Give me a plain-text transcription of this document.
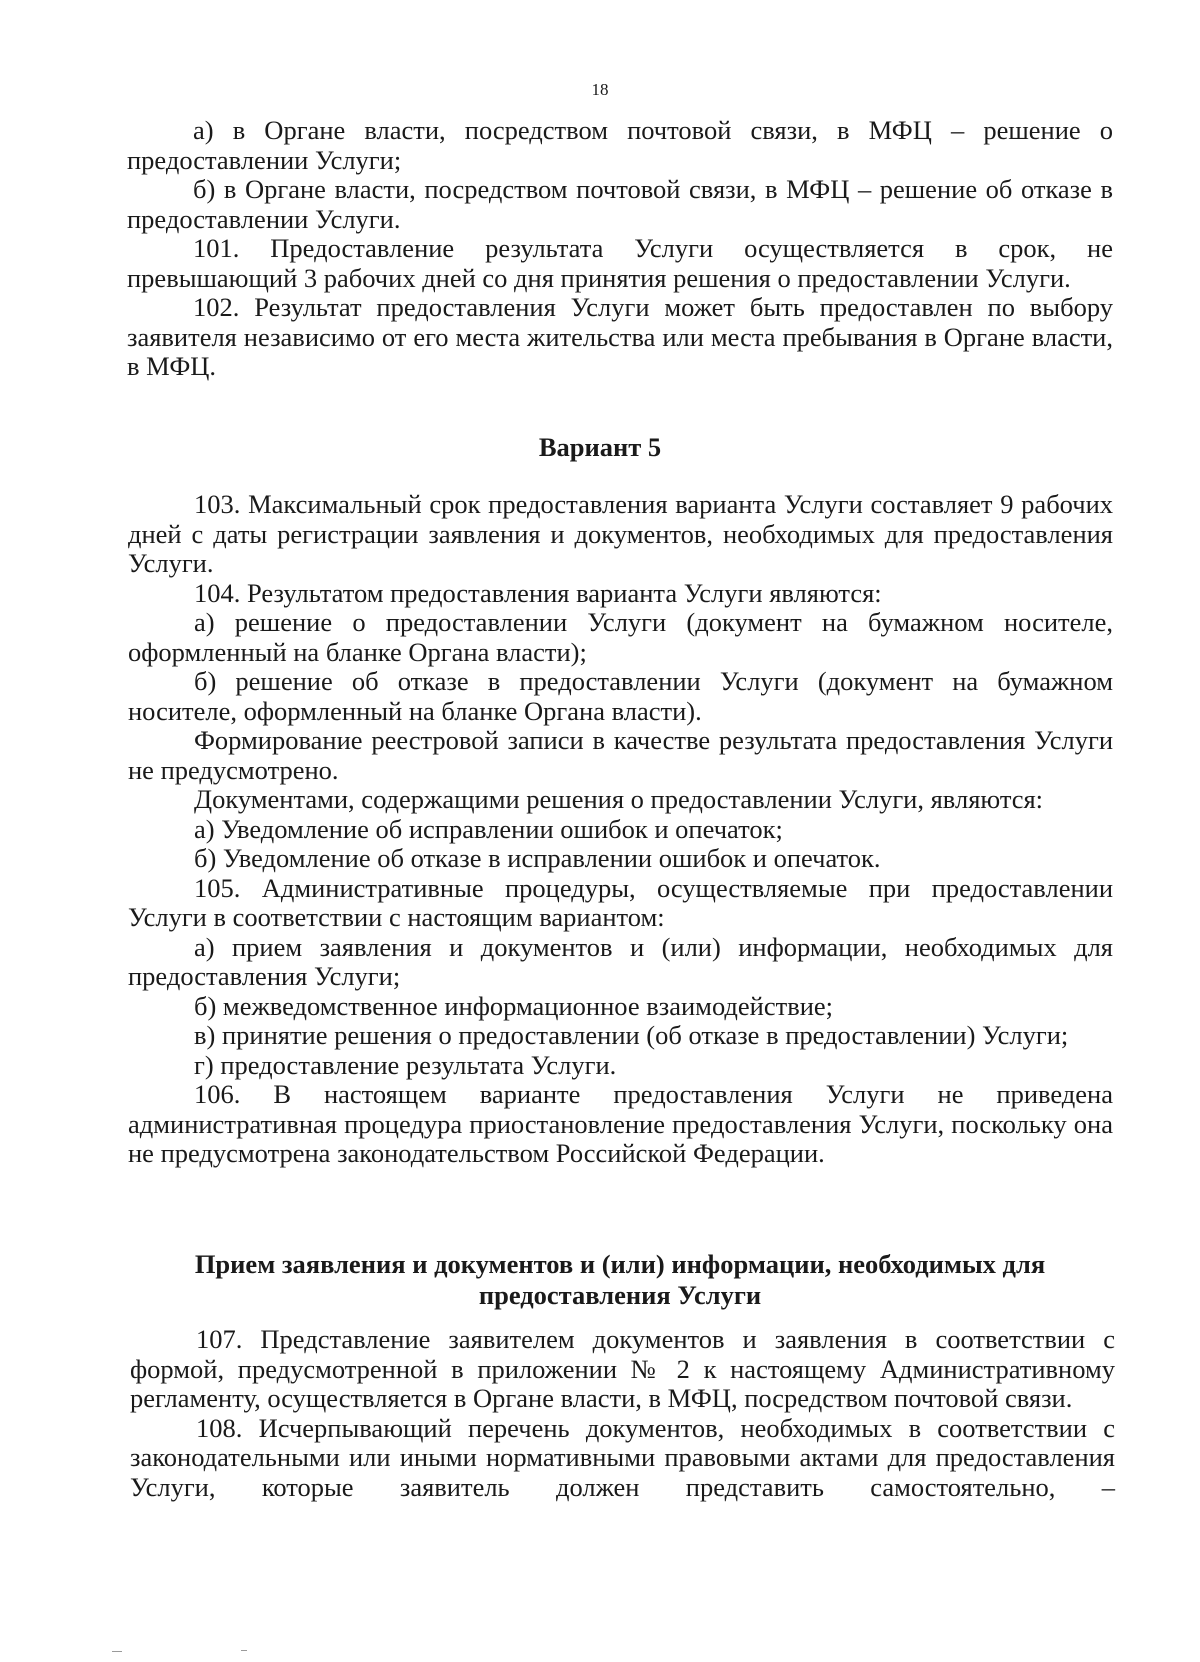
18

а) в Органе власти, посредством почтовой связи, в МФЦ – решение о предоставлении Услуги;

б) в Органе власти, посредством почтовой связи, в МФЦ – решение об отказе в предоставлении Услуги.

101. Предоставление результата Услуги осуществляется в срок, не превышающий 3 рабочих дней со дня принятия решения о предоставлении Услуги.

102. Результат предоставления Услуги может быть предоставлен по выбору заявителя независимо от его места жительства или места пребывания в Органе власти, в МФЦ.

Вариант 5

103. Максимальный срок предоставления варианта Услуги составляет 9 рабочих дней с даты регистрации заявления и документов, необходимых для предоставления Услуги.

104. Результатом предоставления варианта Услуги являются:

а) решение о предоставлении Услуги (документ на бумажном носителе, оформленный на бланке Органа власти);

б) решение об отказе в предоставлении Услуги (документ на бумажном носителе, оформленный на бланке Органа власти).

Формирование реестровой записи в качестве результата предоставления Услуги не предусмотрено.

Документами, содержащими решения о предоставлении Услуги, являются:

а) Уведомление об исправлении ошибок и опечаток;

б) Уведомление об отказе в исправлении ошибок и опечаток.

105. Административные процедуры, осуществляемые при предоставлении Услуги в соответствии с настоящим вариантом:

а) прием заявления и документов и (или) информации, необходимых для предоставления Услуги;

б) межведомственное информационное взаимодействие;

в) принятие решения о предоставлении (об отказе в предоставлении) Услуги;

г) предоставление результата Услуги.

106. В настоящем варианте предоставления Услуги не приведена административная процедура приостановление предоставления Услуги, поскольку она не предусмотрена законодательством Российской Федерации.

Прием заявления и документов и (или) информации, необходимых для предоставления Услуги

107. Представление заявителем документов и заявления в соответствии с формой, предусмотренной в приложении № 2 к настоящему Административному регламенту, осуществляется в Органе власти, в МФЦ, посредством почтовой связи.

108. Исчерпывающий перечень документов, необходимых в соответствии с законодательными или иными нормативными правовыми актами для предоставления Услуги, которые заявитель должен представить самостоятельно, –
